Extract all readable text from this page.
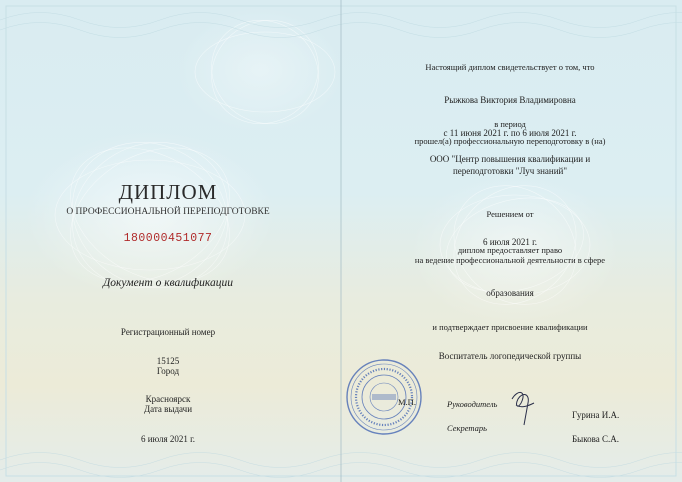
ДИПЛОМ
О ПРОФЕССИОНАЛЬНОЙ ПЕРЕПОДГОТОВКЕ
180000451077
Документ о квалификации
Регистрационный номер
15125
Город
Красноярск
Дата выдачи
6 июля 2021 г.
Настоящий диплом свидетельствует о том, что
Рыжкова Виктория Владимировна
в период
с 11 июня 2021 г. по 6 июля 2021 г.
прошел(а) профессиональную переподготовку в (на)
ООО "Центр повышения квалификации и
переподготовки "Луч знаний"
Решением от
6 июля 2021 г.
диплом предоставляет право
на ведение профессиональной деятельности в сфере
образования
и подтверждает присвоение квалификации
Воспитатель логопедической группы
М.П.	Руководитель
Гурина И.А.
Секретарь
Быкова С.А.
